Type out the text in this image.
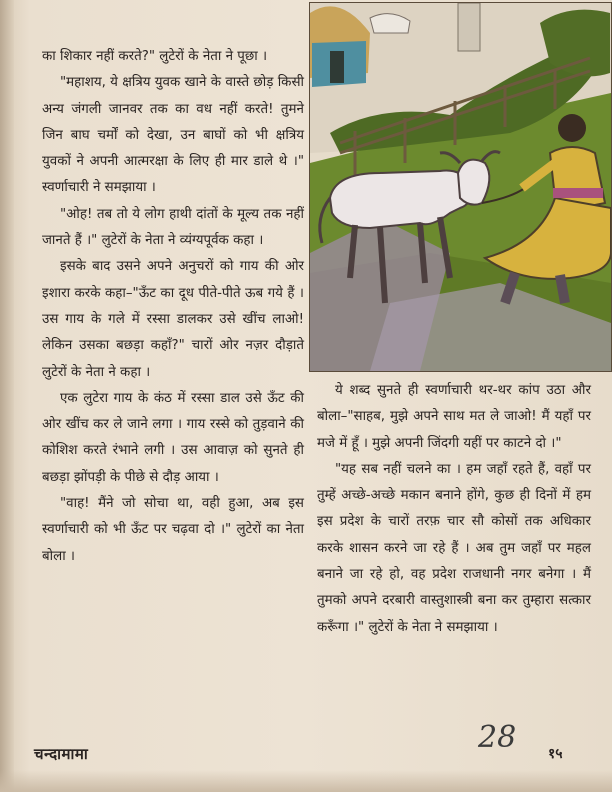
का शिकार नहीं करते?" लुटेरों के नेता ने पूछा ।

"महाशय, ये क्षत्रिय युवक खाने के वास्ते छोड़ किसी अन्य जंगली जानवर तक का वध नहीं करते! तुमने जिन बाघ चर्मों को देखा, उन बाघों को भी क्षत्रिय युवकों ने अपनी आत्मरक्षा के लिए ही मार डाले थे ।" स्वर्णाचारी ने समझाया ।

"ओह! तब तो ये लोग हाथी दांतों के मूल्य तक नहीं जानते हैं ।" लुटेरों के नेता ने व्यंग्यपूर्वक कहा ।

इसके बाद उसने अपने अनुचरों को गाय की ओर इशारा करके कहा–"ऊँट का दूध पीते-पीते ऊब गये हैं । उस गाय के गले में रस्सा डालकर उसे खींच लाओ! लेकिन उसका बछड़ा कहाँ?" चारों ओर नज़र दौड़ाते लुटेरों के नेता ने कहा ।

एक लुटेरा गाय के कंठ में रस्सा डाल उसे ऊँट की ओर खींच कर ले जाने लगा । गाय रस्से को तुड़वाने की कोशिश करते रंभाने लगी । उस आवाज़ को सुनते ही बछड़ा झोंपड़ी के पीछे से दौड़ आया ।

"वाह! मैंने जो सोचा था, वही हुआ, अब इस स्वर्णाचारी को भी ऊँट पर चढ़वा दो ।" लुटेरों का नेता बोला ।

ये शब्द सुनते ही स्वर्णाचारी थर-थर कांप उठा और बोला–"साहब, मुझे अपने साथ मत ले जाओ! मैं यहाँ पर मजे में हूँ । मुझे अपनी जिंदगी यहीं पर काटने दो ।"

"यह सब नहीं चलने का । हम जहाँ रहते हैं, वहाँ पर तुम्हें अच्छे-अच्छे मकान बनाने होंगे, कुछ ही दिनों में हम इस प्रदेश के चारों तरफ़ चार सौ कोसों तक अधिकार करके शासन करने जा रहे हैं । अब तुम जहाँ पर महल बनाने जा रहे हो, वह प्रदेश राजधानी नगर बनेगा । मैं तुमको अपने दरबारी वास्तुशास्त्री बना कर तुम्हारा सत्कार करूँगा ।" लुटेरों के नेता ने समझाया ।

चन्दामामा	28 १५
